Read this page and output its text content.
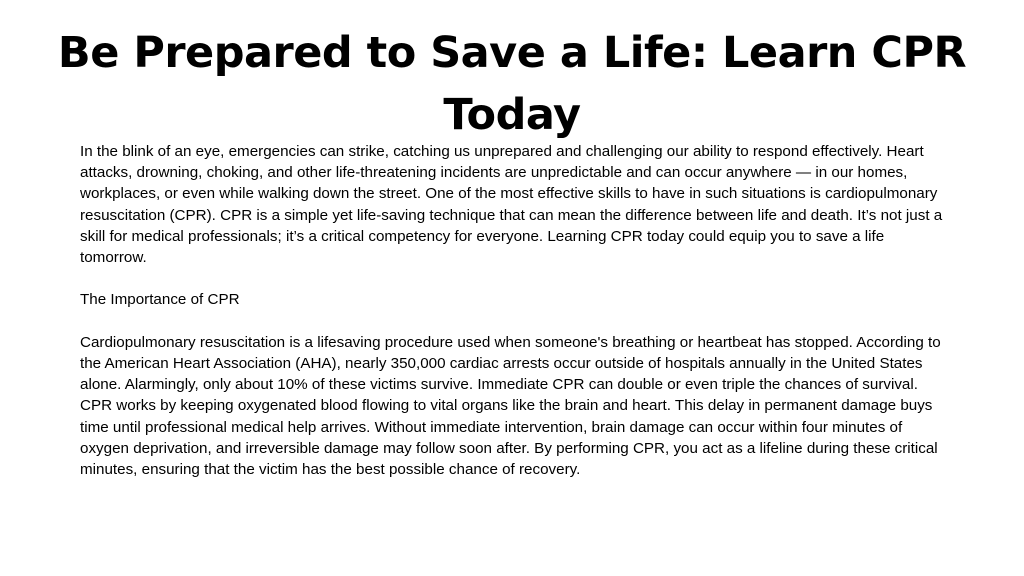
Be Prepared to Save a Life: Learn CPR Today

In the blink of an eye, emergencies can strike, catching us unprepared and challenging our ability to respond effectively. Heart attacks, drowning, choking, and other life-threatening incidents are unpredictable and can occur anywhere — in our homes, workplaces, or even while walking down the street. One of the most effective skills to have in such situations is cardiopulmonary resuscitation (CPR). CPR is a simple yet life-saving technique that can mean the difference between life and death. It’s not just a skill for medical professionals; it’s a critical competency for everyone. Learning CPR today could equip you to save a life tomorrow.

The Importance of CPR

Cardiopulmonary resuscitation is a lifesaving procedure used when someone's breathing or heartbeat has stopped. According to the American Heart Association (AHA), nearly 350,000 cardiac arrests occur outside of hospitals annually in the United States alone. Alarmingly, only about 10% of these victims survive. Immediate CPR can double or even triple the chances of survival.

CPR works by keeping oxygenated blood flowing to vital organs like the brain and heart. This delay in permanent damage buys time until professional medical help arrives. Without immediate intervention, brain damage can occur within four minutes of oxygen deprivation, and irreversible damage may follow soon after. By performing CPR, you act as a lifeline during these critical minutes, ensuring that the victim has the best possible chance of recovery.
